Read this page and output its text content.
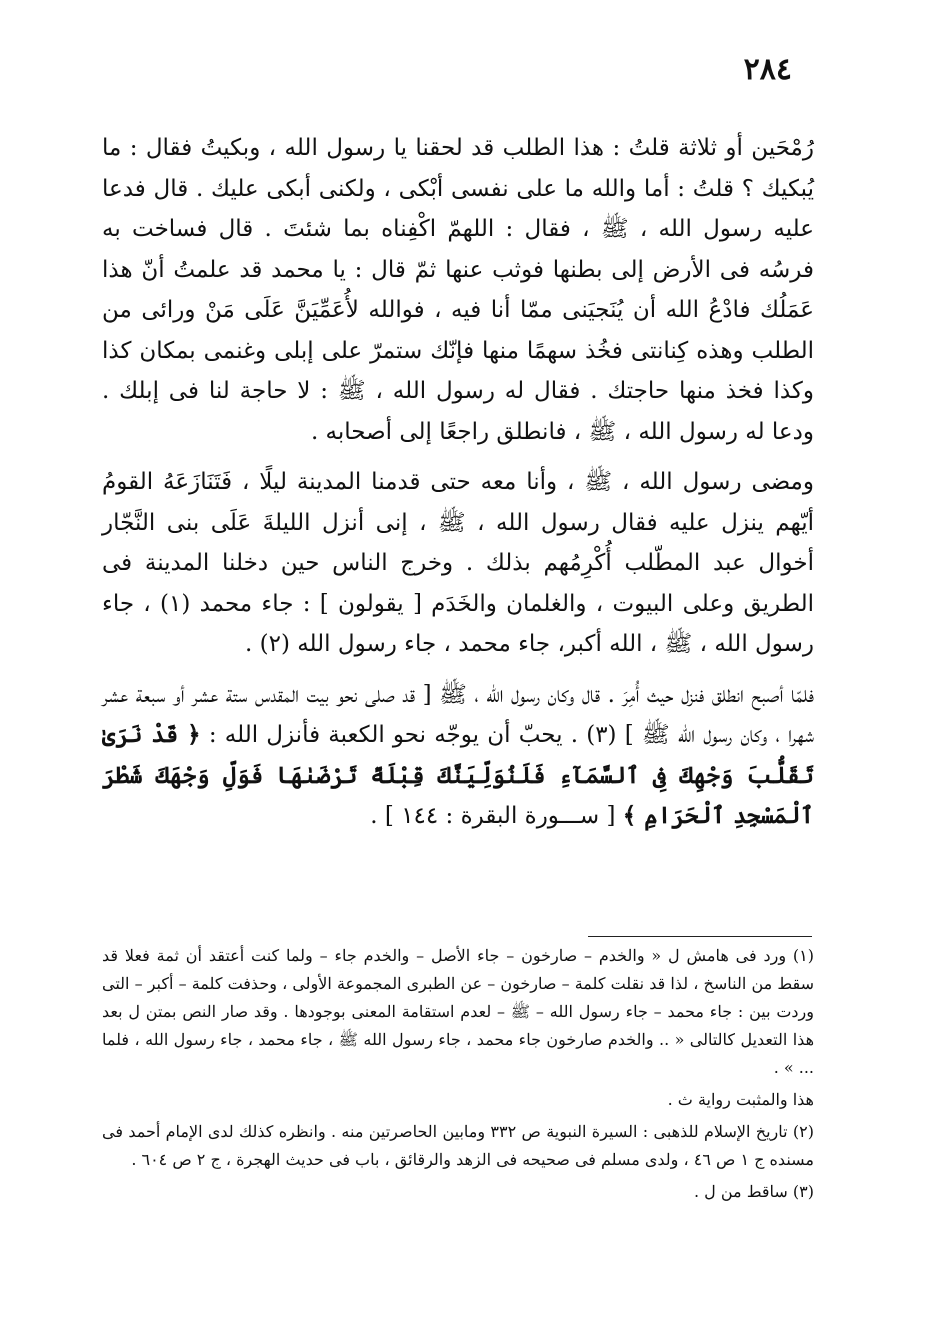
٢٨٤

رُمْحَين أو ثلاثة قلتُ : هذا الطلب قد لحقنا يا رسول الله ، وبكيتُ فقال : ما يُبكيك ؟ قلتُ : أما والله ما على نفسى أبْكى ، ولكنى أبكى عليك . قال فدعا عليه رسول الله ، ﷺ ، فقال : اللهمّ اكْفِناه بما شئتَ . قال فساخت به فرسُه فى الأرض إلى بطنها فوثب عنها ثمّ قال : يا محمد قد علمتُ أنّ هذا عَمَلُك فادْعُ الله أن يُنَجيَنى ممّا أنا فيه ، فوالله لأُعَمِّيَنَّ عَلَى مَنْ ورائى من الطلب وهذه كِنانتى فخُذ سهمًا منها فإنّك ستمرّ على إبلى وغنمى بمكان كذا وكذا فخذ منها حاجتك . فقال له رسول الله ، ﷺ : لا حاجة لنا فى إبلك . ودعا له رسول الله ، ﷺ ، فانطلق راجعًا إلى أصحابه .

ومضى رسول الله ، ﷺ ، وأنا معه حتى قدمنا المدينة ليلًا ، فَتَنَازَعَهُ القومُ أيّهم ينزل عليه فقال رسول الله ، ﷺ ، إنى أنزل الليلةَ عَلَى بنى النَّجّار أخوال عبد المطّلب أُكْرِمُهم بذلك . وخرج الناس حين دخلنا المدينة فى الطريق وعلى البيوت ، والغلمان والخَدَم [ يقولون ] : جاء محمد (١) ، جاء رسول الله ، ﷺ ، الله أكبر، جاء محمد ، جاء رسول الله (٢) .

فلمّا أصبح انطلق فنزل حيث أُمِرَ . قال وكان رسول الله ، ﷺ [ قد صلى نحو بيت المقدس ستة عشر أو سبعة عشر شهرا ، وكان رسول الله ﷺ ] (٣) . يحبّ أن يوجّه نحو الكعبة فأنزل الله : ﴿ قَدْ نَرَىٰ تَقَلُّبَ وَجْهِكَ فِى ٱلسَّمَآءِ فَلَنُوَلِّيَنَّكَ قِبْلَةً تَرْضَىٰهَا فَوَلِّ وَجْهَكَ شَطْرَ ٱلْمَسْجِدِ ٱلْحَرَامِ ﴾ [ ســـورة البقرة : ١٤٤ ] .

(١) ورد فى هامش ل « والخدم – صارخون – جاء الأصل – والخدم جاء – ولما كنت أعتقد أن ثمة فعلا قد سقط من الناسخ ، لذا قد نقلت كلمة – صارخون – عن الطبرى المجموعة الأولى ، وحذفت كلمة – أكبر – التى وردت بين : جاء محمد – جاء رسول الله – ﷺ – لعدم استقامة المعنى بوجودها . وقد صار النص بمتن ل بعد هذا التعديل كالتالى « .. والخدم صارخون جاء محمد ، جاء رسول الله ﷺ ، جاء محمد ، جاء رسول الله ، فلما ... » .

هذا والمثبت رواية ث .

(٢) تاريخ الإسلام للذهبى : السيرة النبوية ص ٣٣٢ ومابين الحاصرتين منه . وانظره كذلك لدى الإمام أحمد فى مسنده ج ١ ص ٤٦ ، ولدى مسلم فى صحيحه فى الزهد والرقائق ، باب فى حديث الهجرة ، ج ٢ ص ٦٠٤ .

(٣) ساقط من ل .
